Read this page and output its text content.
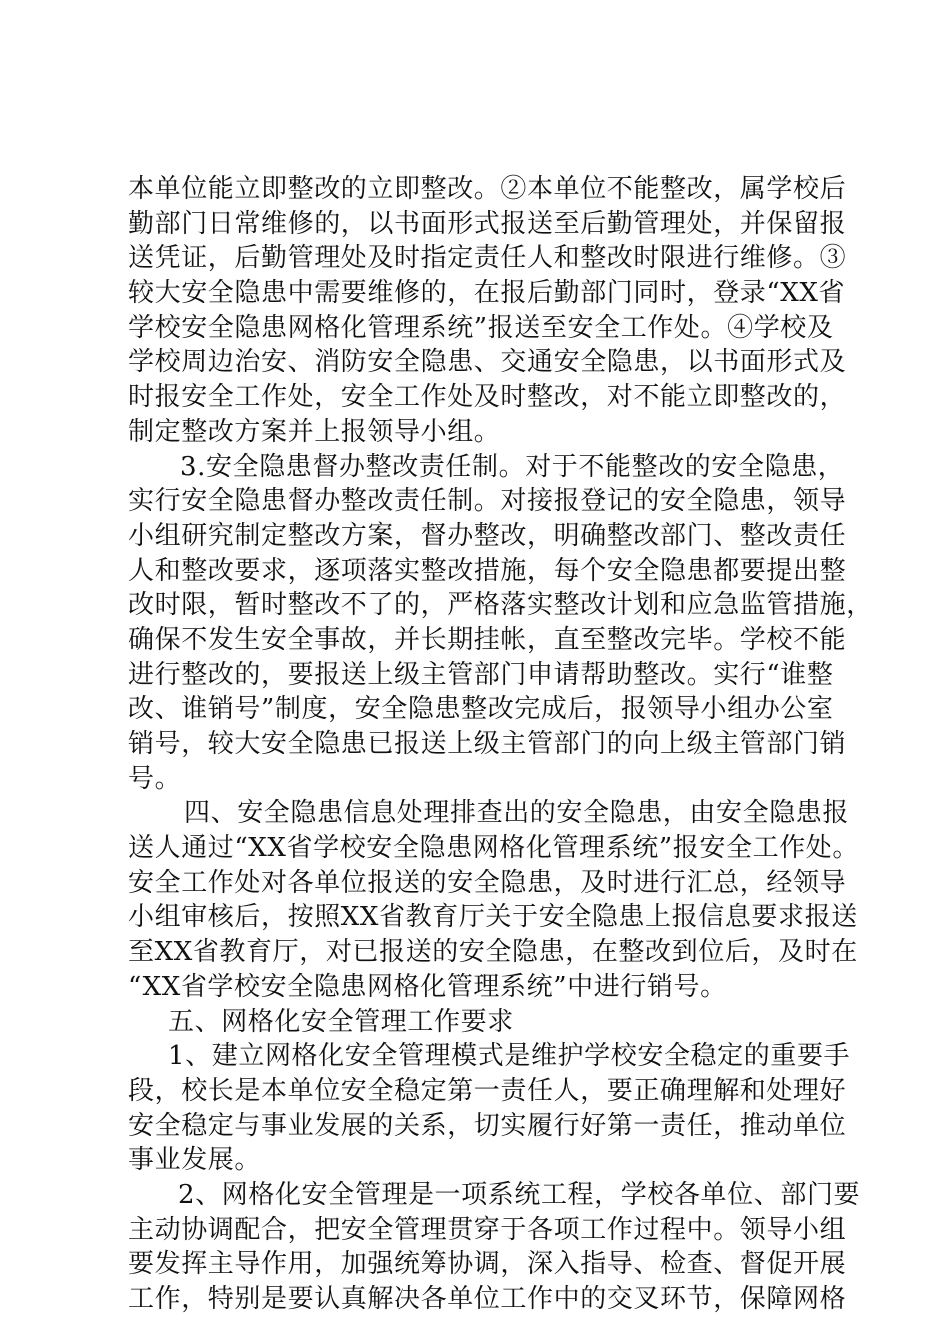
本单位能立即整改的立即整改。②本单位不能整改，属学校后
勤部门日常维修的，以书面形式报送至后勤管理处，并保留报
送凭证，后勤管理处及时指定责任人和整改时限进行维修。③
较大安全隐患中需要维修的，在报后勤部门同时，登录“XX省
学校安全隐患网格化管理系统”报送至安全工作处。④学校及
学校周边治安、消防安全隐患、交通安全隐患，以书面形式及
时报安全工作处，安全工作处及时整改，对不能立即整改的，
制定整改方案并上报领导小组。
3.安全隐患督办整改责任制。对于不能整改的安全隐患，
实行安全隐患督办整改责任制。对接报登记的安全隐患，领导
小组研究制定整改方案，督办整改，明确整改部门、整改责任
人和整改要求，逐项落实整改措施，每个安全隐患都要提出整
改时限，暂时整改不了的，严格落实整改计划和应急监管措施，
确保不发生安全事故，并长期挂帐，直至整改完毕。学校不能
进行整改的，要报送上级主管部门申请帮助整改。实行“谁整
改、谁销号”制度，安全隐患整改完成后，报领导小组办公室
销号，较大安全隐患已报送上级主管部门的向上级主管部门销
号。
四、安全隐患信息处理排查出的安全隐患，由安全隐患报
送人通过“XX省学校安全隐患网格化管理系统”报安全工作处。
安全工作处对各单位报送的安全隐患，及时进行汇总，经领导
小组审核后，按照XX省教育厅关于安全隐患上报信息要求报送
至XX省教育厅，对已报送的安全隐患，在整改到位后，及时在
“XX省学校安全隐患网格化管理系统”中进行销号。
五、网格化安全管理工作要求
1、建立网格化安全管理模式是维护学校安全稳定的重要手
段，校长是本单位安全稳定第一责任人，要正确理解和处理好
安全稳定与事业发展的关系，切实履行好第一责任，推动单位
事业发展。
2、网格化安全管理是一项系统工程，学校各单位、部门要
主动协调配合，把安全管理贯穿于各项工作过程中。领导小组
要发挥主导作用，加强统筹协调，深入指导、检查、督促开展
工作，特别是要认真解决各单位工作中的交叉环节，保障网格
